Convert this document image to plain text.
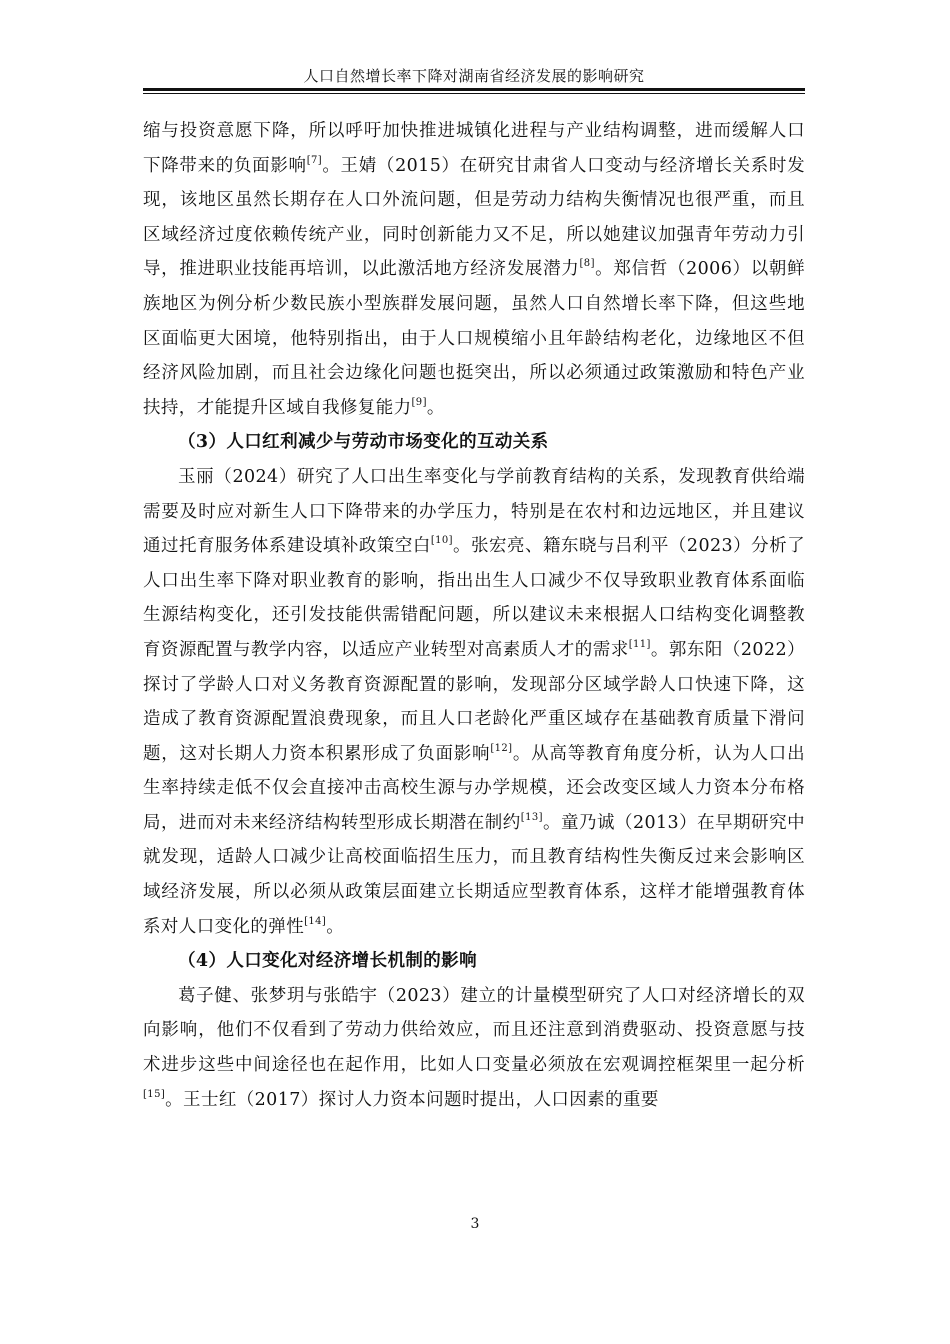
人口自然增长率下降对湖南省经济发展的影响研究

缩与投资意愿下降，所以呼吁加快推进城镇化进程与产业结构调整，进而缓解人口下降带来的负面影响[7]。王婧（2015）在研究甘肃省人口变动与经济增长关系时发现，该地区虽然长期存在人口外流问题，但是劳动力结构失衡情况也很严重，而且区域经济过度依赖传统产业，同时创新能力又不足，所以她建议加强青年劳动力引导，推进职业技能再培训，以此激活地方经济发展潜力[8]。郑信哲（2006）以朝鲜族地区为例分析少数民族小型族群发展问题，虽然人口自然增长率下降，但这些地区面临更大困境，他特别指出，由于人口规模缩小且年龄结构老化，边缘地区不但经济风险加剧，而且社会边缘化问题也挺突出，所以必须通过政策激励和特色产业扶持，才能提升区域自我修复能力[9]。

（3）人口红利减少与劳动市场变化的互动关系

玉丽（2024）研究了人口出生率变化与学前教育结构的关系，发现教育供给端需要及时应对新生人口下降带来的办学压力，特别是在农村和边远地区，并且建议通过托育服务体系建设填补政策空白[10]。张宏亮、籍东晓与吕利平（2023）分析了人口出生率下降对职业教育的影响，指出出生人口减少不仅导致职业教育体系面临生源结构变化，还引发技能供需错配问题，所以建议未来根据人口结构变化调整教育资源配置与教学内容，以适应产业转型对高素质人才的需求[11]。郭东阳（2022）探讨了学龄人口对义务教育资源配置的影响，发现部分区域学龄人口快速下降，这造成了教育资源配置浪费现象，而且人口老龄化严重区域存在基础教育质量下滑问题，这对长期人力资本积累形成了负面影响[12]。从高等教育角度分析，认为人口出生率持续走低不仅会直接冲击高校生源与办学规模，还会改变区域人力资本分布格局，进而对未来经济结构转型形成长期潜在制约[13]。童乃诚（2013）在早期研究中就发现，适龄人口减少让高校面临招生压力，而且教育结构性失衡反过来会影响区域经济发展，所以必须从政策层面建立长期适应型教育体系，这样才能增强教育体系对人口变化的弹性[14]。

（4）人口变化对经济增长机制的影响

葛子健、张梦玥与张皓宇（2023）建立的计量模型研究了人口对经济增长的双向影响，他们不仅看到了劳动力供给效应，而且还注意到消费驱动、投资意愿与技术进步这些中间途径也在起作用，比如人口变量必须放在宏观调控框架里一起分析[15]。王士红（2017）探讨人力资本问题时提出，人口因素的重要

3
